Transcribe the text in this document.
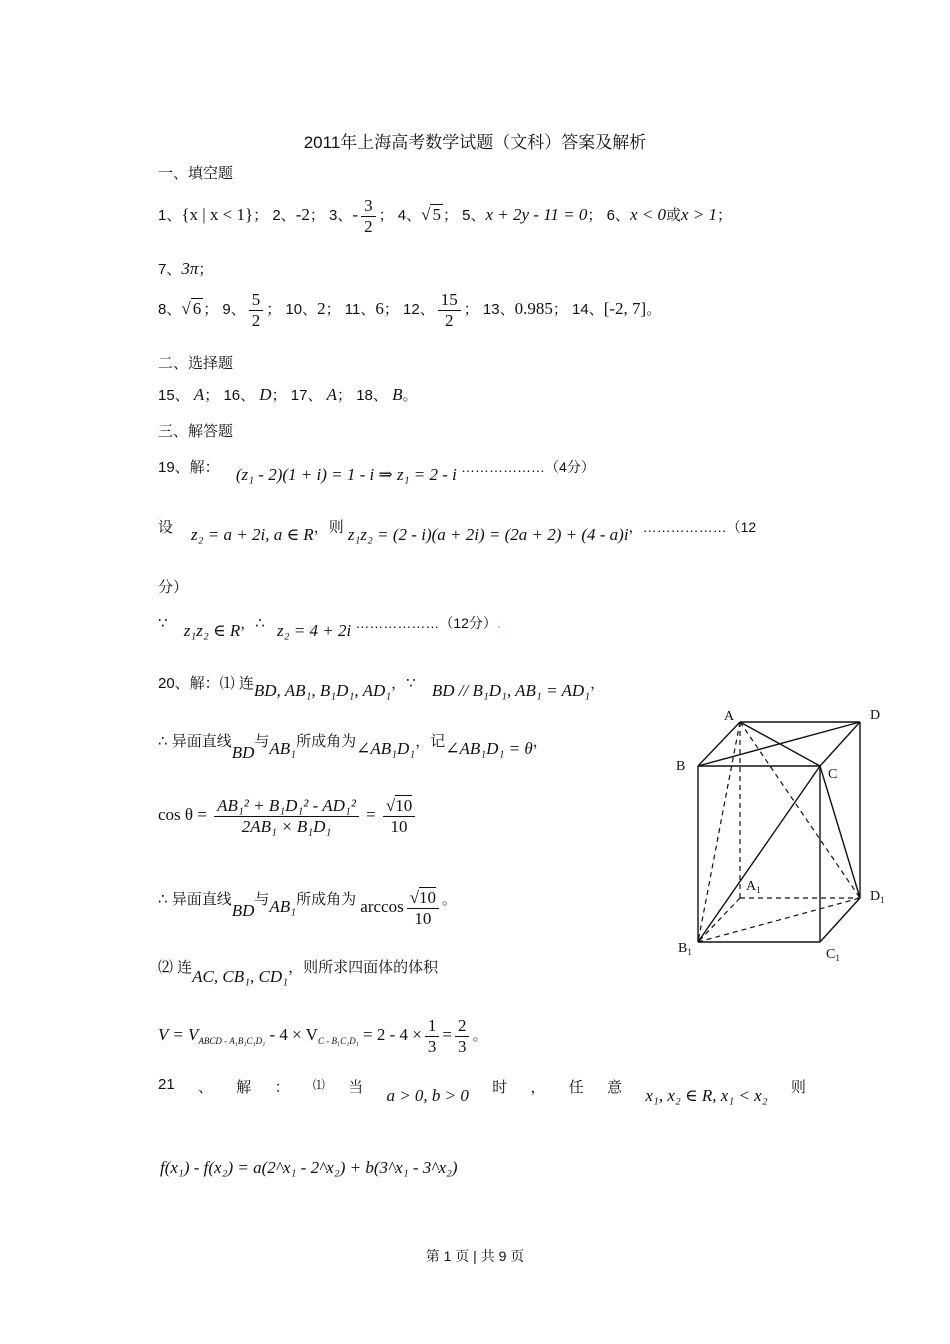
2011年上海高考数学试题（文科）答案及解析
一、填空题
1、{x | x < 1}； 2、-2； 3、- $\frac{3}{2}$ ； 4、√ 5 ； 5、x + 2y - 11 = 0； 6、x < 0或x > 1；
7、3π；
8、√ 6 ； 9、 $\frac{5}{2}$ ； 10、2； 11、6； 12、 $\frac{15}{2}$ ； 13、0.985； 14、[-2, 7]。
二、选择题
15、 A； 16、 D； 17、 A； 18、 B。
三、解答题
19、解： (z₁ - 2)(1 + i) = 1 - i ⇒ z₁ = 2 - i ………………（4分）
设 z₂ = a + 2i, a ∈ R，则 z₁z₂ = (2 - i)(a + 2i) = (2a + 2) + (4 - a)i，………………（12
分）
∵ z₁z₂ ∈ R，∴ z₂ = 4 + 2i ………………（12分）.
20、解：⑴ 连BD, AB₁, B₁D₁, AD₁，∵ BD // B₁D₁, AB₁ = AD₁，
∴ 异面直线BD与AB₁所成角为∠AB₁D₁，记∠AB₁D₁ = θ，
$\cos \theta = \frac{\text{AB₁² + B₁D₁² - AD₁²}}{\text{2AB₁ × B₁D₁}} = \frac{√10}{10}$
∴ 异面直线BD与AB₁所成角为 $\arccos \frac{√10}{10}$ 。
⑵ 连AC, CB₁, CD₁，则所求四面体的体积
$V = V_{ABCD - A_1B_1C_1D_1} - 4 \times V_{C - B_1C_1D_1} = 2 - 4 \times \frac{1}{3} = \frac{2}{3}$ 。
21 、 解 ： ⑴ 当 a > 0, b > 0 时 ， 任 意 x₁, x₂ ∈ R, x₁ < x₂ 则
f(x₁) - f(x₂) = a(2^x₁ - 2^x₂) + b(3^x₁ - 3^x₂)
A	D
B
C
$A_1$	$D_1$
$B_1$	$C_1$
第 1 页 | 共 9 页
